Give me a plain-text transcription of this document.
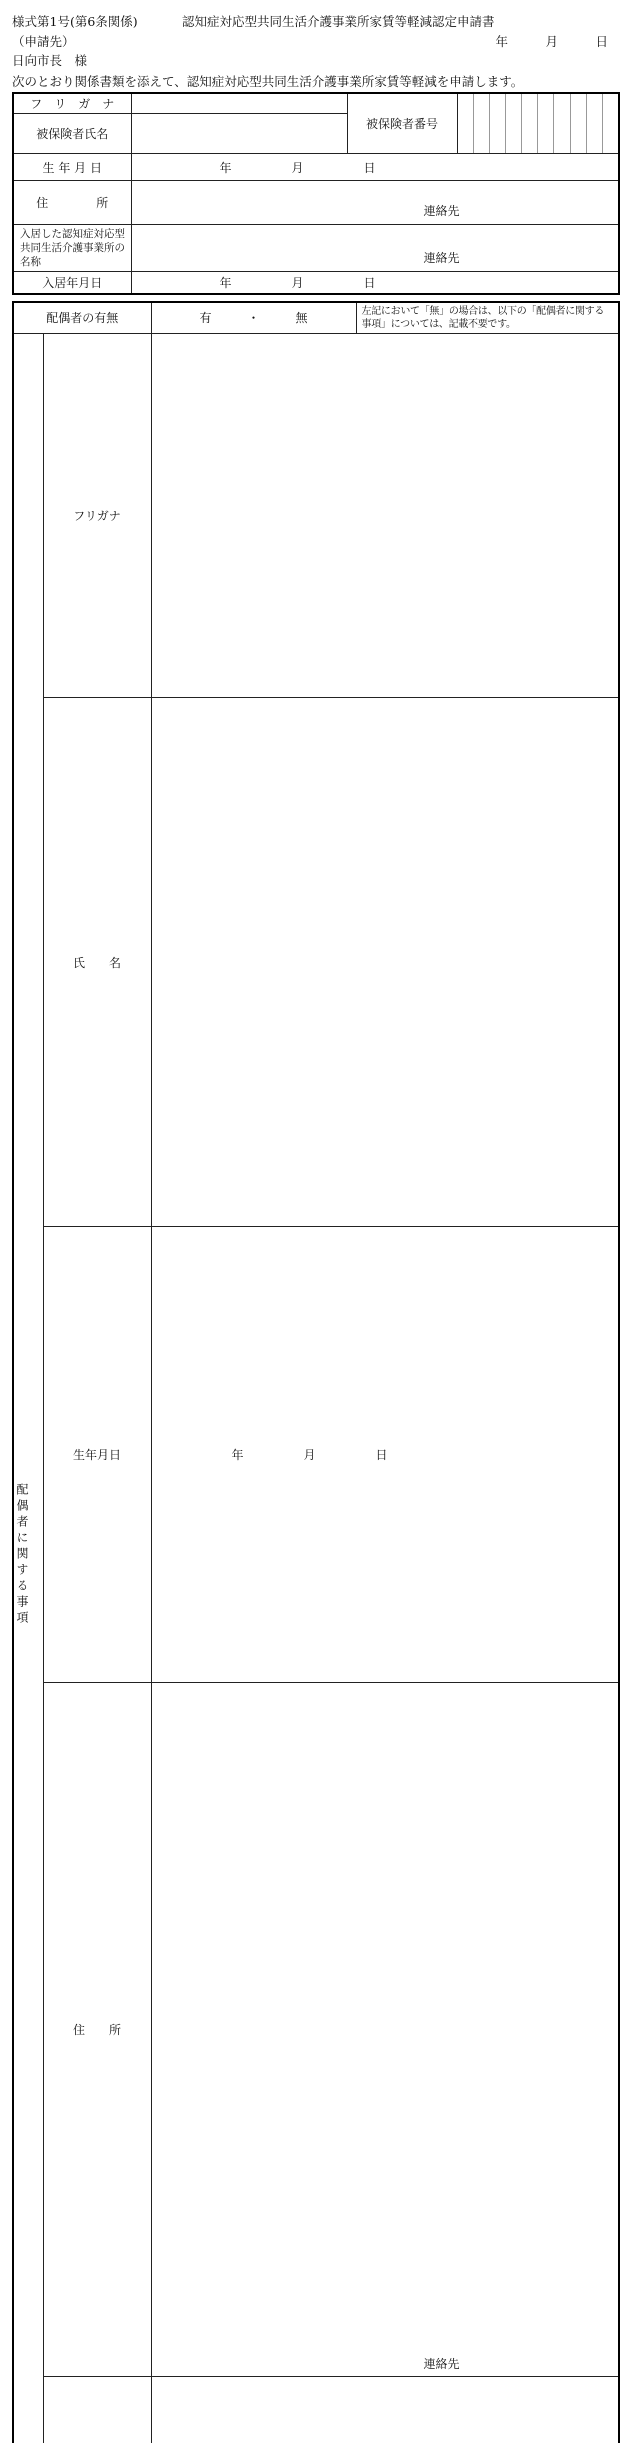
様式第1号(第6条関係)	認知症対応型共同生活介護事業所家賃等軽減認定申請書
（申請先）	年　　　月　　　日
日向市長　様
次のとおり関係書類を添えて、認知症対応型共同生活介護事業所家賃等軽減を申請します。
フ　リ　ガ　ナ		被保険者番号	

被保険者氏名			
生 年 月 日	年　　　　　月　　　　　日		
住　　　　所	連絡先		

入居した認知症対応型共同生活介護事業所の名称	連絡先		

入居年月日	年　　　　　月　　　　　日		
配偶者の有無		有　　　・　　　無	左記において「無」の場合は、以下の「配偶者に関する事項」については、記載不要です。

配偶者に関する事項	フリガナ		
	氏　　名		
	生年月日	年　　　　　月　　　　　日	
	住　　所	連絡先	
